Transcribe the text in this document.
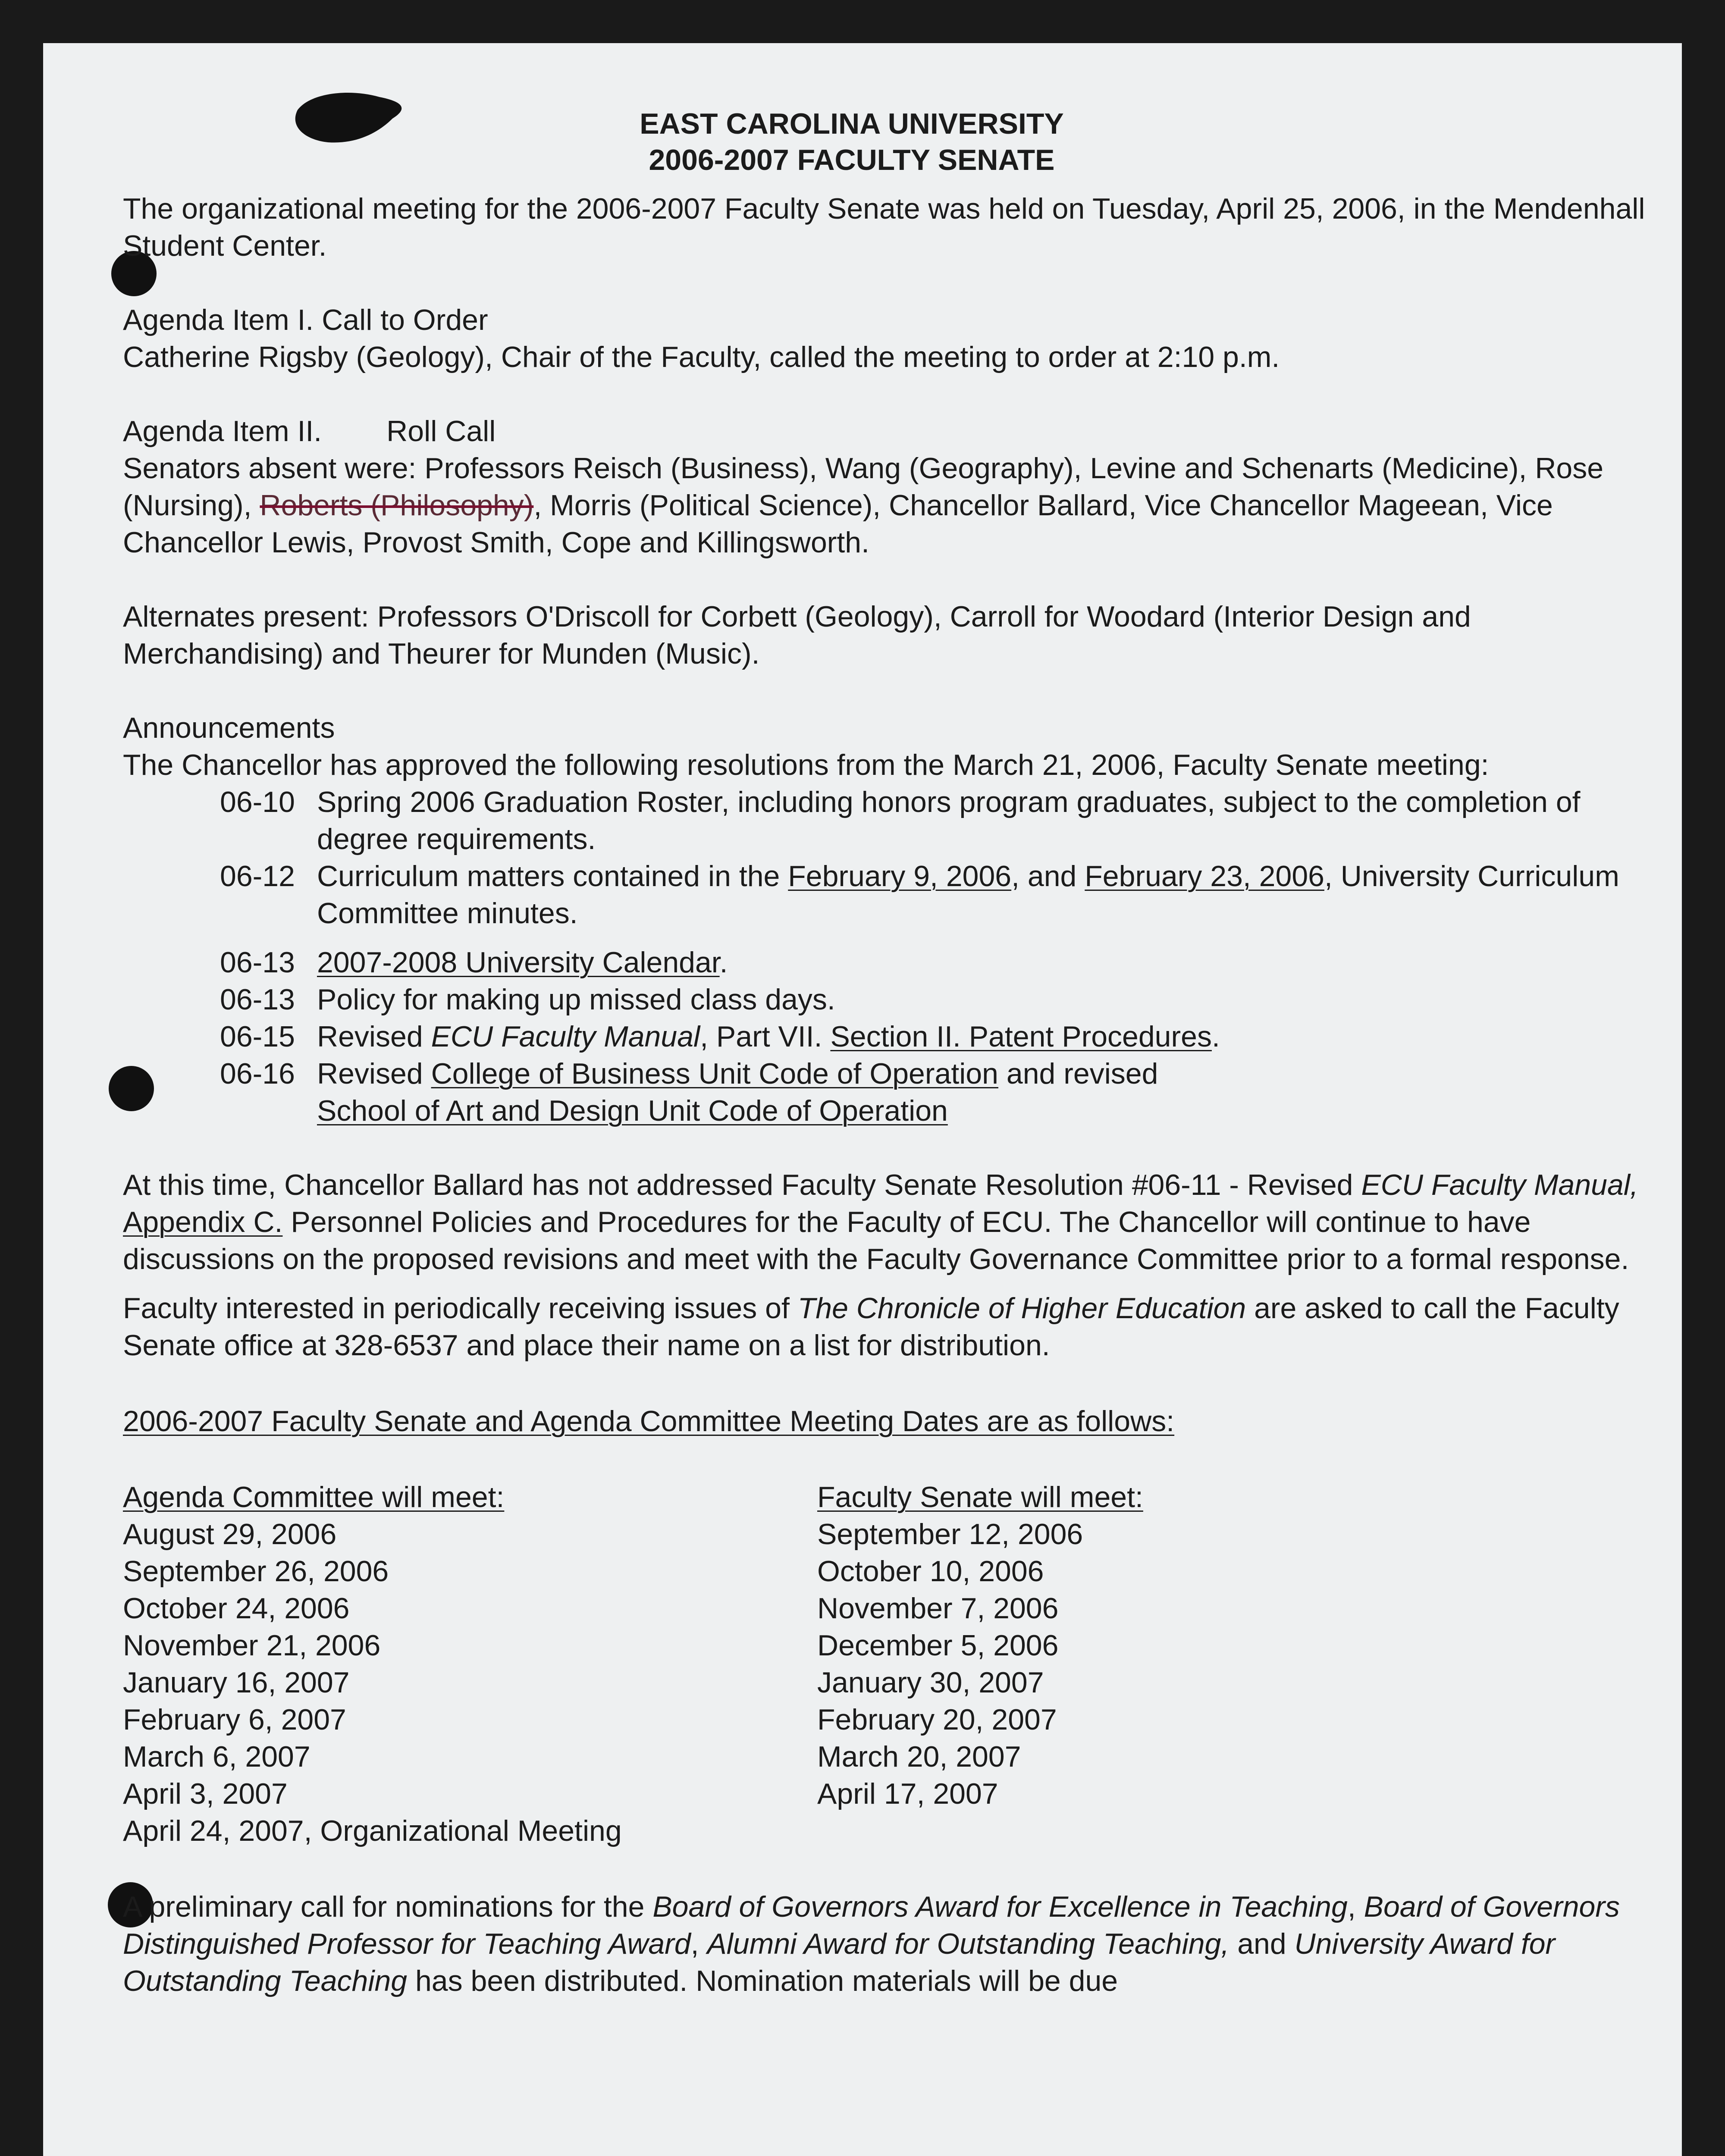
EAST CAROLINA UNIVERSITY
2006-2007 FACULTY SENATE

The organizational meeting for the 2006-2007 Faculty Senate was held on Tuesday, April 25, 2006, in the Mendenhall Student Center.

Agenda Item I. Call to Order

Catherine Rigsby (Geology), Chair of the Faculty, called the meeting to order at 2:10 p.m.

Agenda Item II. Roll Call

Senators absent were: Professors Reisch (Business), Wang (Geography), Levine and Schenarts (Medicine), Rose (Nursing), Roberts (Philosophy), Morris (Political Science), Chancellor Ballard, Vice Chancellor Mageean, Vice Chancellor Lewis, Provost Smith, Cope and Killingsworth.

Alternates present: Professors O'Driscoll for Corbett (Geology), Carroll for Woodard (Interior Design and Merchandising) and Theurer for Munden (Music).

Announcements

The Chancellor has approved the following resolutions from the March 21, 2006, Faculty Senate meeting:

06-10 Spring 2006 Graduation Roster, including honors program graduates, subject to the completion of degree requirements.
06-12 Curriculum matters contained in the February 9, 2006, and February 23, 2006, University Curriculum Committee minutes.
06-13 2007-2008 University Calendar.
06-13 Policy for making up missed class days.
06-15 Revised ECU Faculty Manual, Part VII. Section II. Patent Procedures.
06-16 Revised College of Business Unit Code of Operation and revised
School of Art and Design Unit Code of Operation

At this time, Chancellor Ballard has not addressed Faculty Senate Resolution #06-11 - Revised ECU Faculty Manual, Appendix C. Personnel Policies and Procedures for the Faculty of ECU. The Chancellor will continue to have discussions on the proposed revisions and meet with the Faculty Governance Committee prior to a formal response.

Faculty interested in periodically receiving issues of The Chronicle of Higher Education are asked to call the Faculty Senate office at 328-6537 and place their name on a list for distribution.

2006-2007 Faculty Senate and Agenda Committee Meeting Dates are as follows:

Agenda Committee will meet:
August 29, 2006
September 26, 2006
October 24, 2006
November 21, 2006
January 16, 2007
February 6, 2007
March 6, 2007
April 3, 2007
April 24, 2007, Organizational Meeting
Faculty Senate will meet:
September 12, 2006
October 10, 2006
November 7, 2006
December 5, 2006
January 30, 2007
February 20, 2007
March 20, 2007
April 17, 2007

A preliminary call for nominations for the Board of Governors Award for Excellence in Teaching, Board of Governors Distinguished Professor for Teaching Award, Alumni Award for Outstanding Teaching, and University Award for Outstanding Teaching has been distributed. Nomination materials will be due
